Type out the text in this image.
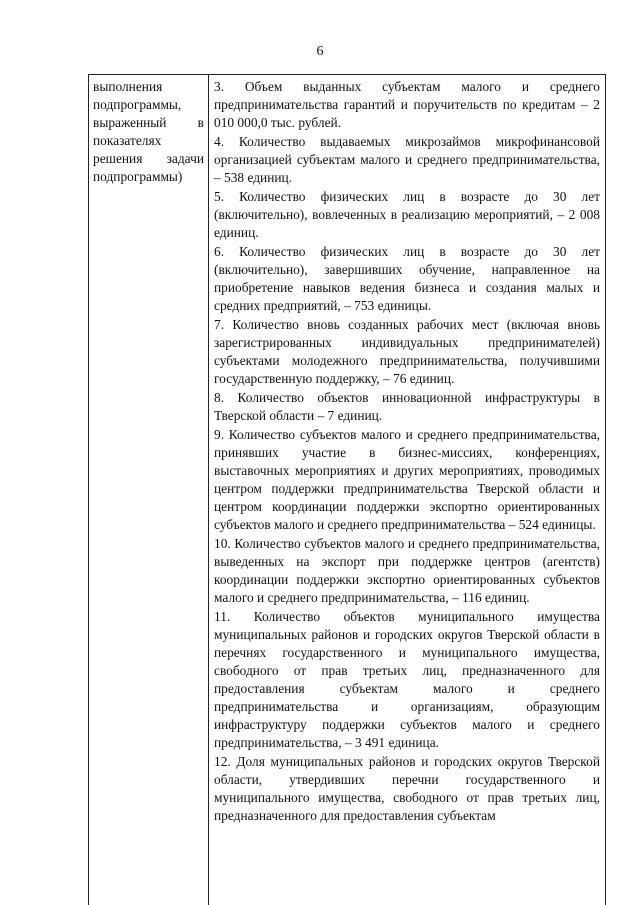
6
выполнения
подпрограммы,
выраженный в
показателях
решения задачи
подпрограммы)

3. Объем выданных субъектам малого и среднего предпринимательства гарантий и поручительств по кредитам – 2 010 000,0 тыс. рублей.

4. Количество выдаваемых микрозаймов микрофинансовой организацией субъектам малого и среднего предпринимательства, – 538 единиц.

5. Количество физических лиц в возрасте до 30 лет (включительно), вовлеченных в реализацию мероприятий, – 2 008 единиц.

6. Количество физических лиц в возрасте до 30 лет (включительно), завершивших обучение, направленное на приобретение навыков ведения бизнеса и создания малых и средних предприятий, – 753 единицы.

7. Количество вновь созданных рабочих мест (включая вновь зарегистрированных индивидуальных предпринимателей) субъектами молодежного предпринимательства, получившими государственную поддержку, – 76 единиц.

8. Количество объектов инновационной инфраструктуры в Тверской области – 7 единиц.

9. Количество субъектов малого и среднего предпринимательства, принявших участие в бизнес-миссиях, конференциях, выставочных мероприятиях и других мероприятиях, проводимых центром поддержки предпринимательства Тверской области и центром координации поддержки экспортно ориентированных субъектов малого и среднего предпринимательства – 524 единицы.

10. Количество субъектов малого и среднего предпринимательства, выведенных на экспорт при поддержке центров (агентств) координации поддержки экспортно ориентированных субъектов малого и среднего предпринимательства, – 116 единиц.

11. Количество объектов муниципального имущества муниципальных районов и городских округов Тверской области в перечнях государственного и муниципального имущества, свободного от прав третьих лиц, предназначенного для предоставления субъектам малого и среднего предпринимательства и организациям, образующим инфраструктуру поддержки субъектов малого и среднего предпринимательства, – 3 491 единица.

12. Доля муниципальных районов и городских округов Тверской области, утвердивших перечни государственного и муниципального имущества, свободного от прав третьих лиц, предназначенного для предоставления субъектам
